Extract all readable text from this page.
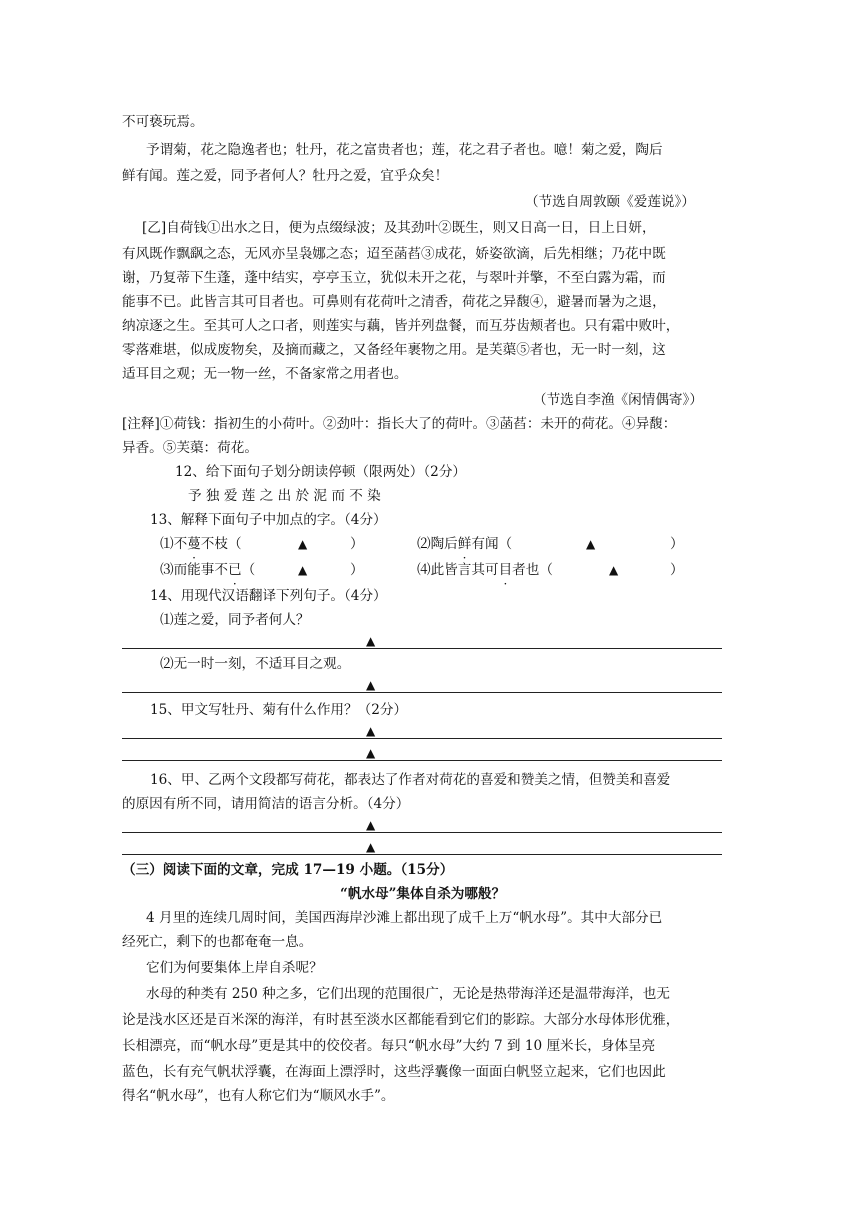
不可亵玩焉。
予谓菊，花之隐逸者也；牡丹，花之富贵者也；莲，花之君子者也。噫！菊之爱，陶后
鲜有闻。莲之爱，同予者何人？牡丹之爱，宜乎众矣！
（节选自周敦颐《爱莲说》）
[乙]自荷钱①出水之日，便为点缀绿波；及其劲叶②既生，则又日高一日，日上日妍，
有风既作飘飖之态，无风亦呈袅娜之态；迢至菡萏③成花，娇姿欲滴，后先相继；乃花中既
谢，乃复蒂下生蓬，蓬中结实，亭亭玉立，犹似未开之花，与翠叶并擎，不至白露为霜，而
能事不已。此皆言其可目者也。可鼻则有花荷叶之清香，荷花之异馥④，避暑而暑为之退，
纳凉逐之生。至其可人之口者，则莲实与藕，皆并列盘餐，而互芬齿颊者也。只有霜中败叶，
零落难堪，似成废物矣，及摘而藏之，又备经年裹物之用。是芙蕖⑤者也，无一时一刻，这
适耳目之观；无一物一丝，不备家常之用者也。
（节选自李渔《闲情偶寄》）
[注释]①荷钱：指初生的小荷叶。②劲叶：指长大了的荷叶。③菡萏：未开的荷花。④异馥：
异香。⑤芙蕖：荷花。
12、给下面句子划分朗读停顿（限两处）（2分）
予 独 爱 莲 之 出 於 泥 而 不 染
13、解释下面句子中加点的字。（4分）
⑴不蔓不枝（	▲	）	⑵陶后鲜有闻（	▲	）
⑶而能事不已（	▲	）	⑷此皆言其可目者也（	▲	）
14、用现代汉语翻译下列句子。（4分）
⑴莲之爱，同予者何人？
▲
⑵无一时一刻，不适耳目之观。
▲
15、甲文写牡丹、菊有什么作用？（2分）
▲
▲
16、甲、乙两个文段都写荷花，都表达了作者对荷花的喜爱和赞美之情，但赞美和喜爱
的原因有所不同，请用简洁的语言分析。（4分）
▲
▲
（三）阅读下面的文章，完成 17—19 小题。（15分）
“帆水母”集体自杀为哪般？
4 月里的连续几周时间，美国西海岸沙滩上都出现了成千上万“帆水母”。其中大部分已
经死亡，剩下的也都奄奄一息。
它们为何要集体上岸自杀呢？
水母的种类有 250 种之多，它们出现的范围很广，无论是热带海洋还是温带海洋，也无
论是浅水区还是百米深的海洋，有时甚至淡水区都能看到它们的影踪。大部分水母体形优雅，
长相漂亮，而“帆水母”更是其中的佼佼者。每只“帆水母”大约 7 到 10 厘米长，身体呈亮
蓝色，长有充气帆状浮囊，在海面上漂浮时，这些浮囊像一面面白帆竖立起来，它们也因此
得名“帆水母”，也有人称它们为“顺风水手”。
